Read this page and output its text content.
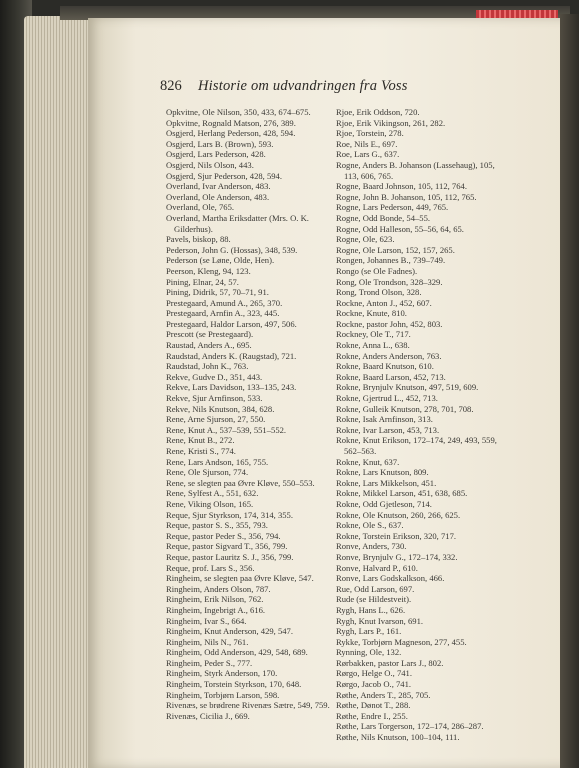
826 Historie om udvandringen fra Voss
Opkvitne, Ole Nilson, 350, 433, 674–675.
Opkvitne, Rognald Matson, 276, 389.
Osgjerd, Herlang Pederson, 428, 594.
Osgjerd, Lars B. (Brown), 593.
Osgjerd, Lars Pederson, 428.
Osgjerd, Nils Olson, 443.
Osgjerd, Sjur Pederson, 428, 594.
Overland, Ivar Anderson, 483.
Overland, Ole Anderson, 483.
Overland, Ole, 765.
Overland, Martha Eriksdatter (Mrs. O. K. Gilderhus).
Pavels, biskop, 88.
Pederson, John G. (Hossas), 348, 539.
Pederson (se Løne, Olde, Hen).
Peerson, Kleng, 94, 123.
Pining, Elnar, 24, 57.
Pining, Didrik, 57, 70–71, 91.
Prestegaard, Amund A., 265, 370.
Prestegaard, Arnfin A., 323, 445.
Prestegaard, Haldor Larson, 497, 506.
Prescott (se Prestegaard).
Raustad, Anders A., 695.
Raudstad, Anders K. (Raugstad), 721.
Raudstad, John K., 763.
Rekve, Gudve D., 351, 443.
Rekve, Lars Davidson, 133–135, 243.
Rekve, Sjur Arnfinson, 533.
Rekve, Nils Knutson, 384, 628.
Rene, Arne Sjurson, 27, 550.
Rene, Knut A., 537–539, 551–552.
Rene, Knut B., 272.
Rene, Kristi S., 774.
Rene, Lars Andson, 165, 755.
Rene, Ole Sjurson, 774.
Rene, se slegten paa Øvre Kløve, 550–553.
Rene, Sylfest A., 551, 632.
Rene, Viking Olson, 165.
Reque, Sjur Styrkson, 174, 314, 355.
Reque, pastor S. S., 355, 793.
Reque, pastor Peder S., 356, 794.
Reque, pastor Sigvard T., 356, 799.
Reque, pastor Lauritz S. J., 356, 799.
Reque, prof. Lars S., 356.
Ringheim, se slegten paa Øvre Kløve, 547.
Ringheim, Anders Olson, 787.
Ringheim, Erik Nilson, 762.
Ringheim, Ingebrigt A., 616.
Ringheim, Ivar S., 664.
Ringheim, Knut Anderson, 429, 547.
Ringheim, Nils N., 761.
Ringheim, Odd Anderson, 429, 548, 689.
Ringheim, Peder S., 777.
Ringheim, Styrk Anderson, 170.
Ringheim, Torstein Styrkson, 170, 648.
Ringheim, Torbjørn Larson, 598.
Rivenæs, se brødrene Rivenæs Sætre, 549, 759.
Rivenæs, Cicilia J., 669.
Rjoe, Erik Oddson, 720.
Rjoe, Erik Vikingson, 261, 282.
Rjoe, Torstein, 278.
Roe, Nils E., 697.
Roe, Lars G., 637.
Rogne, Anders B. Johanson (Lassehaug), 105, 113, 606, 765.
Rogne, Baard Johnson, 105, 112, 764.
Rogne, John B. Johanson, 105, 112, 765.
Rogne, Lars Pederson, 449, 765.
Rogne, Odd Bonde, 54–55.
Rogne, Odd Halleson, 55–56, 64, 65.
Rogne, Ole, 623.
Rogne, Ole Larson, 152, 157, 265.
Rongen, Johannes B., 739–749.
Rongo (se Ole Fadnes).
Rong, Ole Trondson, 328–329.
Rong, Trond Olson, 328.
Rockne, Anton J., 452, 607.
Rockne, Knute, 810.
Rockne, pastor John, 452, 803.
Rockney, Ole T., 717.
Rokne, Anna L., 638.
Rokne, Anders Anderson, 763.
Rokne, Baard Knutson, 610.
Rokne, Baard Larson, 452, 713.
Rokne, Brynjulv Knutson, 497, 519, 609.
Rokne, Gjertrud L., 452, 713.
Rokne, Gulleik Knutson, 278, 701, 708.
Rokne, Isak Arnfinson, 313.
Rokne, Ivar Larson, 453, 713.
Rokne, Knut Erikson, 172–174, 249, 493, 559, 562–563.
Rokne, Knut, 637.
Rokne, Lars Knutson, 809.
Rokne, Lars Mikkelson, 451.
Rokne, Mikkel Larson, 451, 638, 685.
Rokne, Odd Gjetleson, 714.
Rokne, Ole Knutson, 260, 266, 625.
Rokne, Ole S., 637.
Rokne, Torstein Erikson, 320, 717.
Ronve, Anders, 730.
Ronve, Brynjulv G., 172–174, 332.
Ronve, Halvard P., 610.
Ronve, Lars Godskalkson, 466.
Rue, Odd Larson, 697.
Rude (se Hildestveit).
Rygh, Hans L., 626.
Rygh, Knut Ivarson, 691.
Rygh, Lars P., 161.
Rykke, Torbjørn Magneson, 277, 455.
Rynning, Ole, 132.
Rørbakken, pastor Lars J., 802.
Rørgo, Helge O., 741.
Rørgo, Jacob O., 741.
Røthe, Anders T., 285, 705.
Røthe, Dønot T., 288.
Røthe, Endre I., 255.
Røthe, Lars Torgerson, 172–174, 286–287.
Røthe, Nils Knutson, 100–104, 111.
